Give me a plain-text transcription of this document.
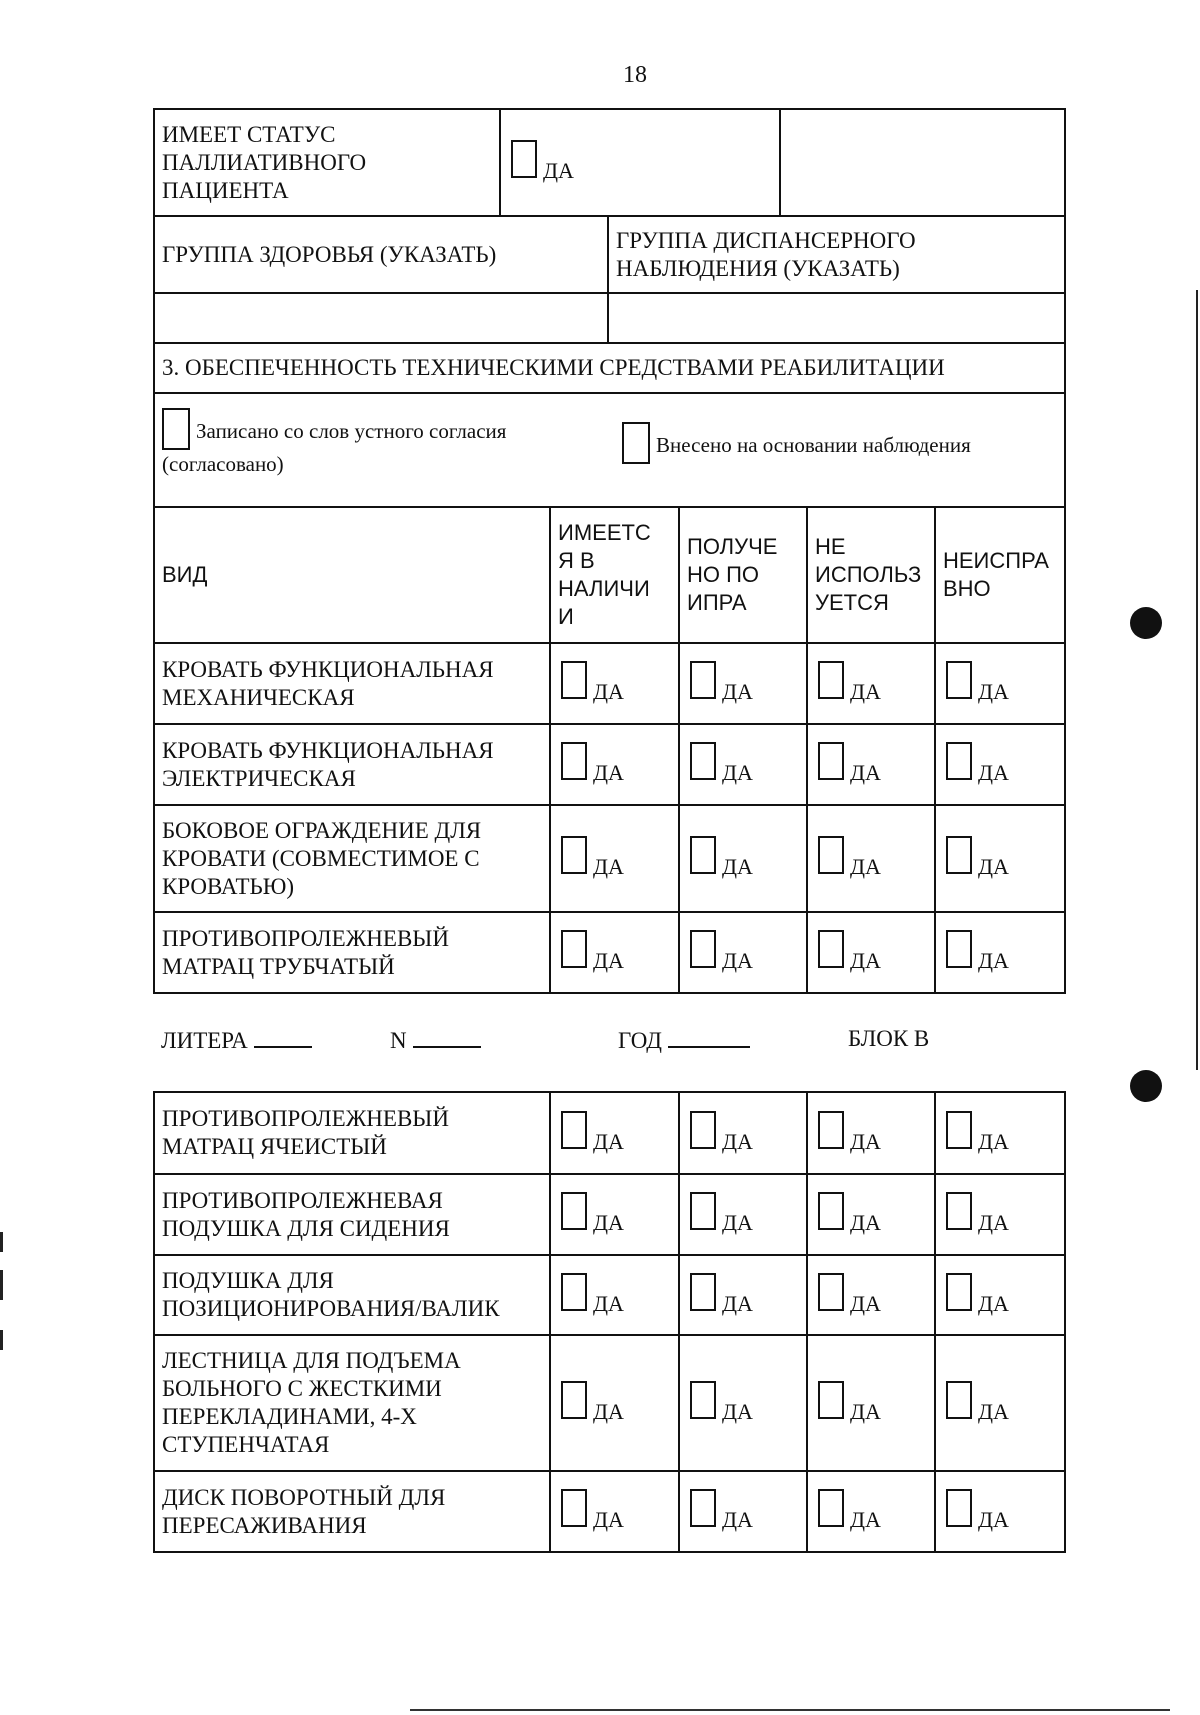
18
ИМЕЕТ СТАТУС ПАЛЛИАТИВНОГО ПАЦИЕНТА	ДА	
ГРУППА ЗДОРОВЬЯ (УКАЗАТЬ)	ГРУППА ДИСПАНСЕРНОГО НАБЛЮДЕНИЯ (УКАЗАТЬ)

3. ОБЕСПЕЧЕННОСТЬ ТЕХНИЧЕСКИМИ СРЕДСТВАМИ РЕАБИЛИТАЦИИ	

Записано со слов устного согласия (согласовано)
Внесено на основании наблюдения	
ВИД	ИМЕЕТС Я В НАЛИЧИ И	ПОЛУЧЕ НО ПО ИПРА	НЕ ИСПОЛЬЗ УЕТСЯ	НЕИСПРА ВНО
КРОВАТЬ ФУНКЦИОНАЛЬНАЯ МЕХАНИЧЕСКАЯ	ДА	ДА	ДА	ДА
КРОВАТЬ ФУНКЦИОНАЛЬНАЯ ЭЛЕКТРИЧЕСКАЯ	ДА	ДА	ДА	ДА
БОКОВОЕ ОГРАЖДЕНИЕ ДЛЯ КРОВАТИ (СОВМЕСТИМОЕ С КРОВАТЬЮ)	ДА	ДА	ДА	ДА
ПРОТИВОПРОЛЕЖНЕВЫЙ МАТРАЦ ТРУБЧАТЫЙ	ДА	ДА	ДА	ДА
ЛИТЕРА	N	ГОД	БЛОК В
ПРОТИВОПРОЛЕЖНЕВЫЙ МАТРАЦ ЯЧЕИСТЫЙ	ДА	ДА	ДА	ДА
ПРОТИВОПРОЛЕЖНЕВАЯ ПОДУШКА ДЛЯ СИДЕНИЯ	ДА	ДА	ДА	ДА
ПОДУШКА ДЛЯ ПОЗИЦИОНИРОВАНИЯ/ВАЛИК	ДА	ДА	ДА	ДА
ЛЕСТНИЦА ДЛЯ ПОДЪЕМА БОЛЬНОГО С ЖЕСТКИМИ ПЕРЕКЛАДИНАМИ, 4-Х СТУПЕНЧАТАЯ	ДА	ДА	ДА	ДА
ДИСК ПОВОРОТНЫЙ ДЛЯ ПЕРЕСАЖИВАНИЯ	ДА	ДА	ДА	ДА
